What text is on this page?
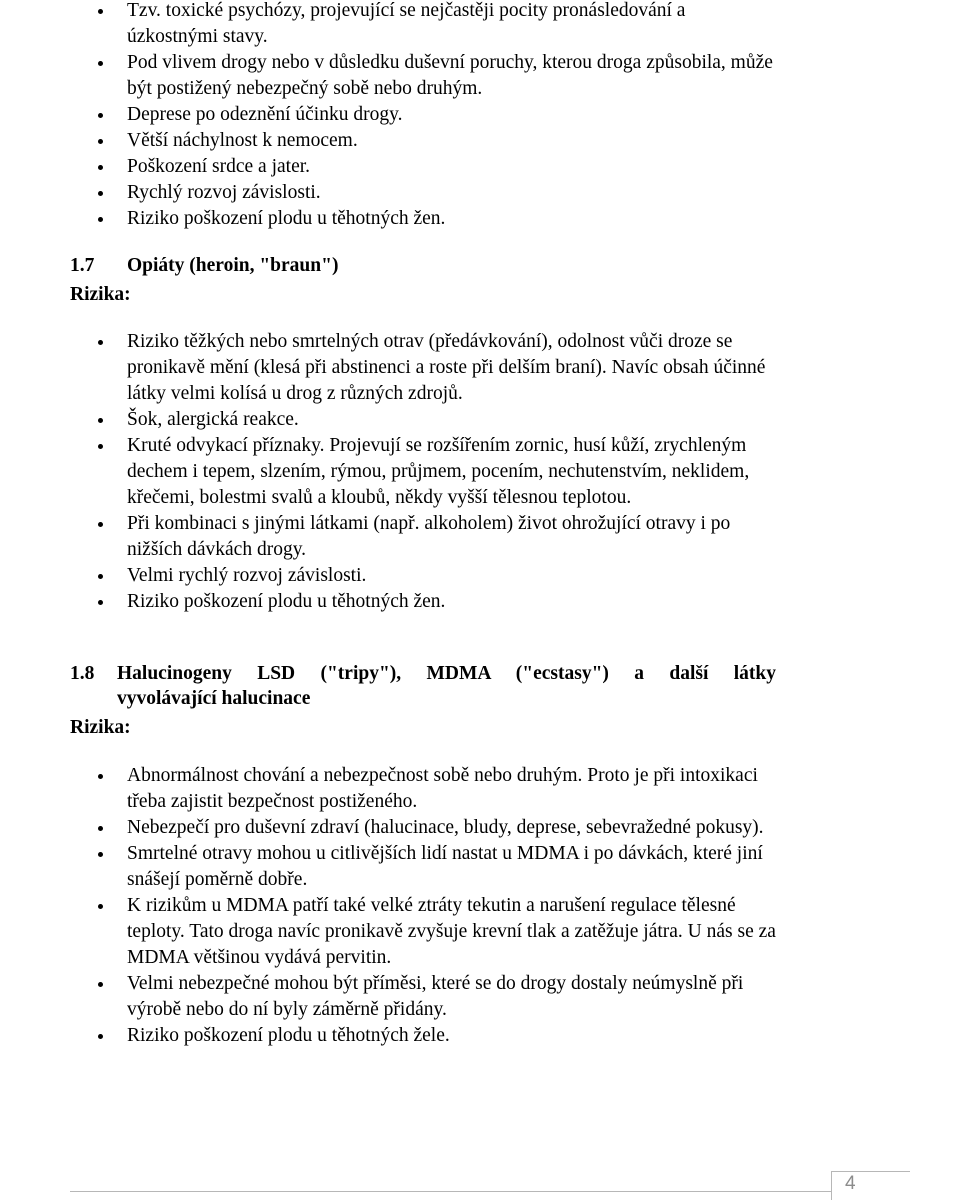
Tzv. toxické psychózy, projevující se nejčastěji pocity pronásledování a úzkostnými stavy.
Pod vlivem drogy nebo v důsledku duševní poruchy, kterou droga způsobila, může být postižený nebezpečný sobě nebo druhým.
Deprese po odeznění účinku drogy.
Větší náchylnost k nemocem.
Poškození srdce a jater.
Rychlý rozvoj závislosti.
Riziko poškození plodu u těhotných žen.
1.7 Opiáty (heroin, "braun")
Rizika:
Riziko těžkých nebo smrtelných otrav (předávkování), odolnost vůči droze se pronikavě mění (klesá při abstinenci a roste při delším braní). Navíc obsah účinné látky velmi kolísá u drog z různých zdrojů.
Šok, alergická reakce.
Kruté odvykací příznaky. Projevují se rozšířením zornic, husí kůží, zrychleným dechem i tepem, slzením, rýmou, průjmem, pocením, nechutenstvím, neklidem, křečemi, bolestmi svalů a kloubů, někdy vyšší tělesnou teplotou.
Při kombinaci s jinými látkami (např. alkoholem) život ohrožující otravy i po nižších dávkách drogy.
Velmi rychlý rozvoj závislosti.
Riziko poškození plodu u těhotných žen.
1.8 Halucinogeny LSD ("tripy"), MDMA ("ecstasy") a další látky
vyvolávající halucinace
Rizika:
Abnormálnost chování a nebezpečnost sobě nebo druhým. Proto je při intoxikaci třeba zajistit bezpečnost postiženého.
Nebezpečí pro duševní zdraví (halucinace, bludy, deprese, sebevražedné pokusy).
Smrtelné otravy mohou u citlivějších lidí nastat u MDMA i po dávkách, které jiní snášejí poměrně dobře.
K rizikům u MDMA patří také velké ztráty tekutin a narušení regulace tělesné teploty. Tato droga navíc pronikavě zvyšuje krevní tlak a zatěžuje játra. U nás se za MDMA většinou vydává pervitin.
Velmi nebezpečné mohou být příměsi, které se do drogy dostaly neúmyslně při výrobě nebo do ní byly záměrně přidány.
Riziko poškození plodu u těhotných žele.
4
